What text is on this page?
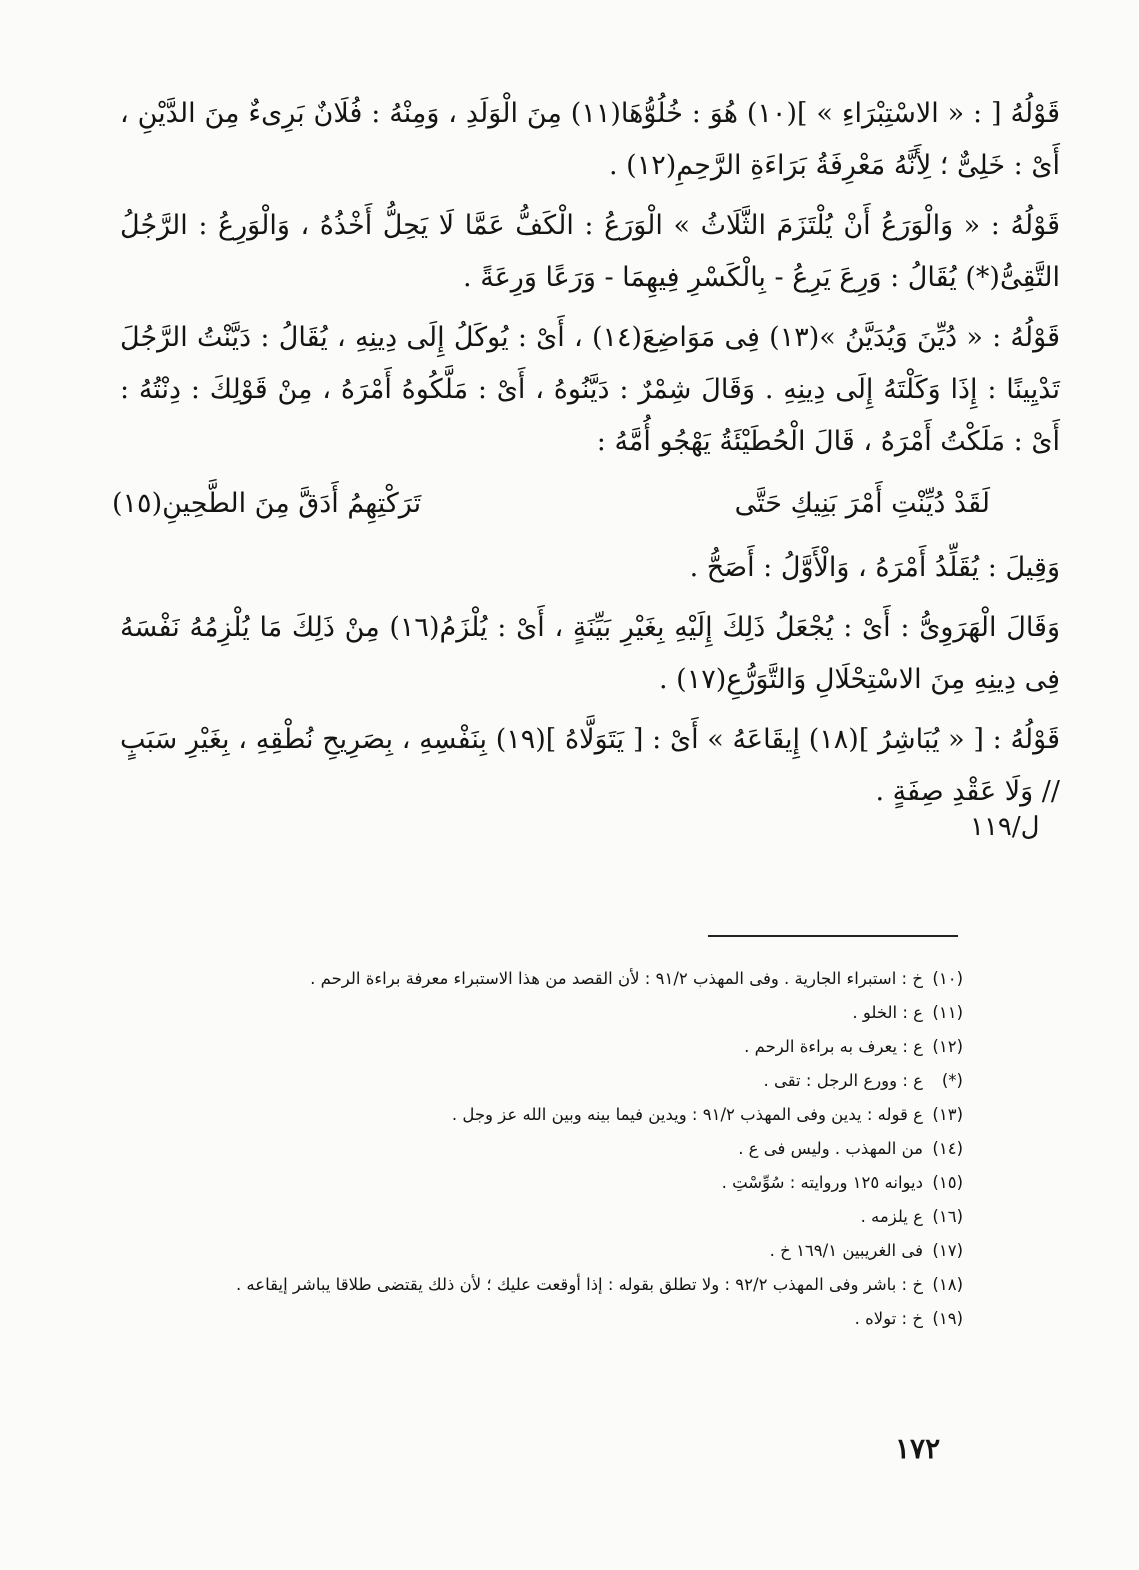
قَوْلُهُ [ : « الاسْتِبْرَاءِ » ](١٠) هُوَ : خُلُوُّهَا(١١) مِنَ الْوَلَدِ ، وَمِنْهُ : فُلَانٌ بَرِىءٌ مِنَ الدَّيْنِ ، أَىْ : خَلِىٌّ ؛ لِأَنَّهُ مَعْرِفَةُ بَرَاءَةِ الرَّحِمِ(١٢) .

قَوْلُهُ : « وَالْوَرَعُ أَنْ يُلْتَزَمَ الثَّلَاثُ » الْوَرَعُ : الْكَفُّ عَمَّا لَا يَحِلُّ أَخْذُهُ ، وَالْوَرِعُ : الرَّجُلُ التَّقِىُّ(*) يُقَالُ : وَرِعَ يَرِعُ - بِالْكَسْرِ فِيهِمَا - وَرَعًا وَرِعَةً .

قَوْلُهُ : « دُيِّنَ وَيُدَيَّنُ »(١٣) فِى مَوَاضِعَ(١٤) ، أَىْ : يُوكَلُ إِلَى دِينِهِ ، يُقَالُ : دَيَّنْتُ الرَّجُلَ تَدْيِينًا : إِذَا وَكَلْتَهُ إِلَى دِينِهِ . وَقَالَ شِمْرٌ : دَيَّنُوهُ ، أَىْ : مَلَّكُوهُ أَمْرَهُ ، مِنْ قَوْلِكَ : دِنْتُهُ : أَىْ : مَلَكْتُ أَمْرَهُ ، قَالَ الْحُطَيْئَةُ يَهْجُو أُمَّهُ :

لَقَدْ دُيِّنْتِ أَمْرَ بَنِيكِ حَتَّى
تَرَكْتِهِمُ أَدَقَّ مِنَ الطَّحِينِ(١٥)

وَقِيلَ : يُقَلِّدُ أَمْرَهُ ، وَالْأَوَّلُ : أَصَحُّ .

وَقَالَ الْهَرَوِىُّ : أَىْ : يُجْعَلُ ذَلِكَ إِلَيْهِ بِغَيْرِ بَيِّنَةٍ ، أَىْ : يُلْزَمُ(١٦) مِنْ ذَلِكَ مَا يُلْزِمُهُ نَفْسَهُ فِى دِينِهِ مِنَ الاسْتِحْلَالِ وَالتَّوَرُّعِ(١٧) .

قَوْلُهُ : [ « يُبَاشِرُ ](١٨) إِيقَاعَهُ » أَىْ : [ يَتَوَلَّاهُ ](١٩) بِنَفْسِهِ ، بِصَرِيحِ نُطْقِهِ ، بِغَيْرِ سَبَبٍ // وَلَا عَقْدِ صِفَةٍ .

ل/١١٩
(١٠)
خ : استبراء الجارية . وفى المهذب ٩١/٢ : لأن القصد من هذا الاستبراء معرفة براءة الرحم .
(١١)
ع : الخلو .
(١٢)
ع : يعرف به براءة الرحم .
(*)
ع : وورع الرجل : تقى .
(١٣)
ع قوله : يدين وفى المهذب ٩١/٢ : ويدين فيما بينه وبين الله عز وجل .
(١٤)
من المهذب . وليس فى ع .
(١٥)
ديوانه ١٢٥ وروايته : سُوِّسْتِ .
(١٦)
ع يلزمه .
(١٧)
فى الغريبين ١٦٩/١ خ .
(١٨)
خ : باشر وفى المهذب ٩٢/٢ : ولا تطلق بقوله : إذا أوقعت عليك ؛ لأن ذلك يقتضى طلاقا يباشر إيقاعه .
(١٩)
خ : تولاه .
١٧٢
